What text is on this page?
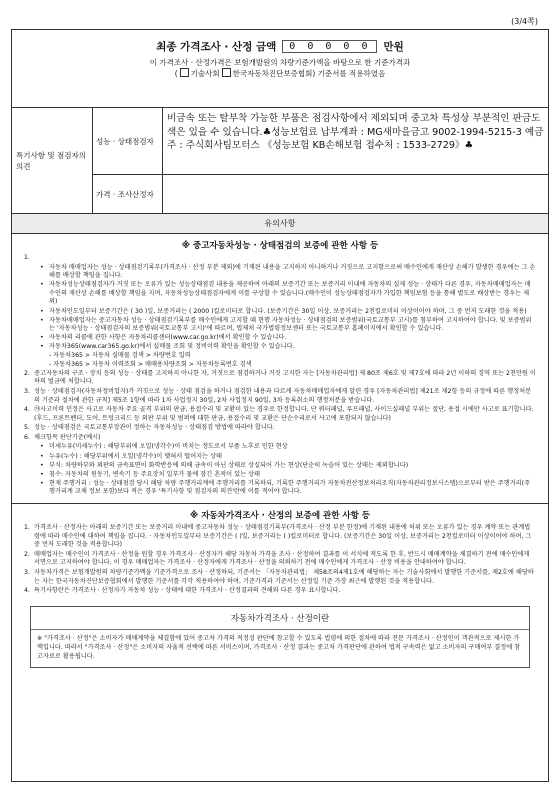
(3/4쪽)
최종 가격조사 · 산정 금액	0 0 0 0 0	만원
이 가격조사 · 산정가격은 보험개발원의 차량기준가액을 바탕으로 한 기준가격과
( 기술사회 한국자동차진단보증협회) 기준서를 적용하였음
특기사항 및 점검자의 의견
성능 · 상태점검자
비금속 또는 탈부착 가능한 부품은 점검사항에서 제외되며 중고차 특성상 부분적인 판금도색은 있을 수 있습니다.♣성능보험료 납부계좌 : MG새마을금고 9002-1994-5215-3 예금주 : 주식회사팀모터스 《성능보험 KB손해보험 접수처 : 1533-2729》♣
가격 · 조사산정자
유의사항
※ 중고자동차성능 · 상태점검의 보증에 관한 사항 등
1.
• 자동차 매매업자는 성능 · 상태점검기록부(가격조사 · 산정 부분 제외)에 기재된 내용을 고지하지 아니하거나 거짓으로 고지함으로써 매수인에게 재산상 손해가 발생한 경우에는 그 손해를 배상할 책임을 집니다.
• 자동차성능상태점검자가 거짓 또는 오류가 있는 성능상태점검 내용을 제공하여 아래의 보증기간 또는 보증거리 이내에 자동차의 실제 성능 · 상태가 다른 경우, 자동차매매업자는 매수인의 재산상 손해를 배상할 책임을 지며, 자동차성능상태점검자에게 이를 구상할 수 있습니다.(매수인이 성능상태점검자가 가입한 책임보험 등을 통해 별도로 배상받는 경우는 제외)
• 자동차인도일부터 보증기간은 ( 30 )일, 보증거리는 ( 2000 )킬로미터로 합니다. (보증기간은 30일 이상, 보증거리는 2천킬로미터 이상이어야 하며, 그 중 먼저 도래한 것을 적용)
• 자동차매매업자는 중고자동차 성능 · 상태점검기록부를 매수인에게 고지할 때 현행 자동차성능 · 상태점검의 보증범위(국토교통부 고시)를 첨부하여 고지하여야 합니다. 및 보증범위는 '자동차성능 · 상태점검자의 보증범위(국토교통부 고시)'에 따르며, 법제처 국가법령정보센터 또는 국토교통부 홈페이지에서 확인할 수 있습니다.
• 자동차의 리콜에 관한 사항은 자동차리콜센터(www.car.go.kr)에서 확인할 수 있습니다.
• 자동차365(www.car365.go.kr)에서 실매물 조회 및 정비이력 확인을 확인할 수 있습니다.
- 자동차365 > 자동차 실매물 검색 > 차량번호 입력
- 자동차365 > 자동차 이력조회 > 매매용차량조회 > 자동차등록번호 검색
2. 중고자동차의 구조 · 장치 등의 성능 · 상태를 고지하지 아니한 자, 거짓으로 점검하거나 거짓 고지한 자는 [자동차관리법] 제 80조 제6호 및 제7호에 따라 2년 이하의 징역 또는 2천만원 이하의 벌금에 처합니다.
3. 성능 · 상태점검자(자동차정비업자)가 거짓으로 성능 · 상태 점검을 하거나 점검한 내용과 다르게 자동차매매업자에게 알린 경우 [자동차관리법] 제21조 제2항 등의 규정에 따른 행정처분의 기준과 절차에 관한 규칙] 제5조 1항에 따라 1차 사업정지 30일, 2차 사업정지 90일, 3차 등록취소의 행정처분을 받습니다.
4. ㉮사고이력 인정은 사고로 자동차 주요 골격 부위의 판금, 용접수리 및 교환이 있는 경우로 한정합니다. 단 쿼터패널, 루프패널, 사이드실패널 부위는 절단, 용접 시에만 사고로 표기합니다. (후드, 프론트펜더, 도어, 트렁크리드 등 외판 부위 및 범퍼에 대한 판금, 용접수리 및 교환은 단순수리로서 사고에 포함되지 않습니다)
5. 성능 · 상태점검은 국토교통부장관이 정하는 자동차성능 · 상태점검 방법에 따라야 합니다.
6. 체크항목 판단기준(예시)
• 미세누유(미세누수) : 해당부위에 오일(냉각수)이 비치는 정도로서 부품 노후로 인한 현상
• 누유(누수) : 해당부위에서 오일(냉각수)이 맺혀서 떨어지는 상태
• 부식: 차량하부와 외판의 금속표면이 화학반응에 의해 금속이 아닌 상태로 상실되어 가는 현상(단순히 녹슬어 있는 상태는 제외합니다)
• 침수: 자동차의 원동기, 변속기 등 주요장치 일부가 물에 잠긴 흔적이 있는 상태
• 현재 주행거리 : 성능 · 상태점검 당시 해당 차량 주행거리계에 주행거리를 기록하되, 기록한 주행거리가 자동차전산정보처리조직(자동차관리정보시스템)으로부터 받은 주행거리(주행거리계 교체 정보 포함)보다 적은 경우 '특기사항 및 점검자의 의견'란에 이를 적어야 합니다.
※ 자동차가격조사 · 산정의 보증에 관한 사항 등
1. 가격조사 · 산정자는 아래의 보증기간 또는 보증거리 이내에 중고자동차 성능 · 상태점검기록부(가격조사 · 산정 부분 한정)에 기재된 내용에 허위 또는 오류가 있는 경우 계약 또는 관계법령에 따라 매수인에 대하여 책임을 집니다. · 자동차인도일부터 보증기간은 ( )일, 보증거리는 ( )킬로미터로 합니다. (보증기간은 30일 이상, 보증거리는 2천킬로미터 이상이어야 하며, 그 중 먼저 도래한 것을 적용합니다)
2. 매매업자는 매수인이 가격조사 · 산정을 원할 경우 가격조사 · 산정자가 해당 자동차 가격을 조사 · 산정하여 결과를 이 서식에 적도록 한 후, 반드시 매매계약을 체결하기 전에 매수인에게 서면으로 고지하여야 합니다. 이 경우 매매업자는 가격조사 · 산정자에게 가격조사 · 산정을 의뢰하기 전에 매수인에게 가격조사 · 산정 비용을 안내하여야 합니다.
3. 자동차가격은 보험개발원의 차량기준가액을 기준가격으로 조사 · 산정하되, 기준서는 「자동차관리법」 제58조의4제1호에 해당하는 자는 기술사회에서 발행한 기준서를, 제2호에 해당하는 자는 한국자동차진단보증협회에서 발행한 기준서를 각각 적용하여야 하며, 기준가격과 기준서는 산정일 기준 가장 최근에 발행된 것을 적용합니다.
4. 특기사항란은 가격조사 · 산정자가 자동차 성능 · 상태에 대한 가격조사 · 산정결과의 견해와 다른 경우 표시합니다.
자동차가격조사 · 산정이란
※ "가격조사 · 산정"은 소비자가 매매계약을 체결함에 있어 중고차 가격의 적정성 판단에 참고할 수 있도록 법령에 의한 절차에 따라 전문 가격조사 · 산정인이 객관적으로 제시한 가액입니다. 따라서 "가격조사 · 산정"은 소비자의 자율적 선택에 따른 서비스이며, 가격조사 · 산정 결과는 중고차 가격판단에 관하여 법적 구속력은 없고 소비자의 구매여부 결정에 참고자료로 활용됩니다.
